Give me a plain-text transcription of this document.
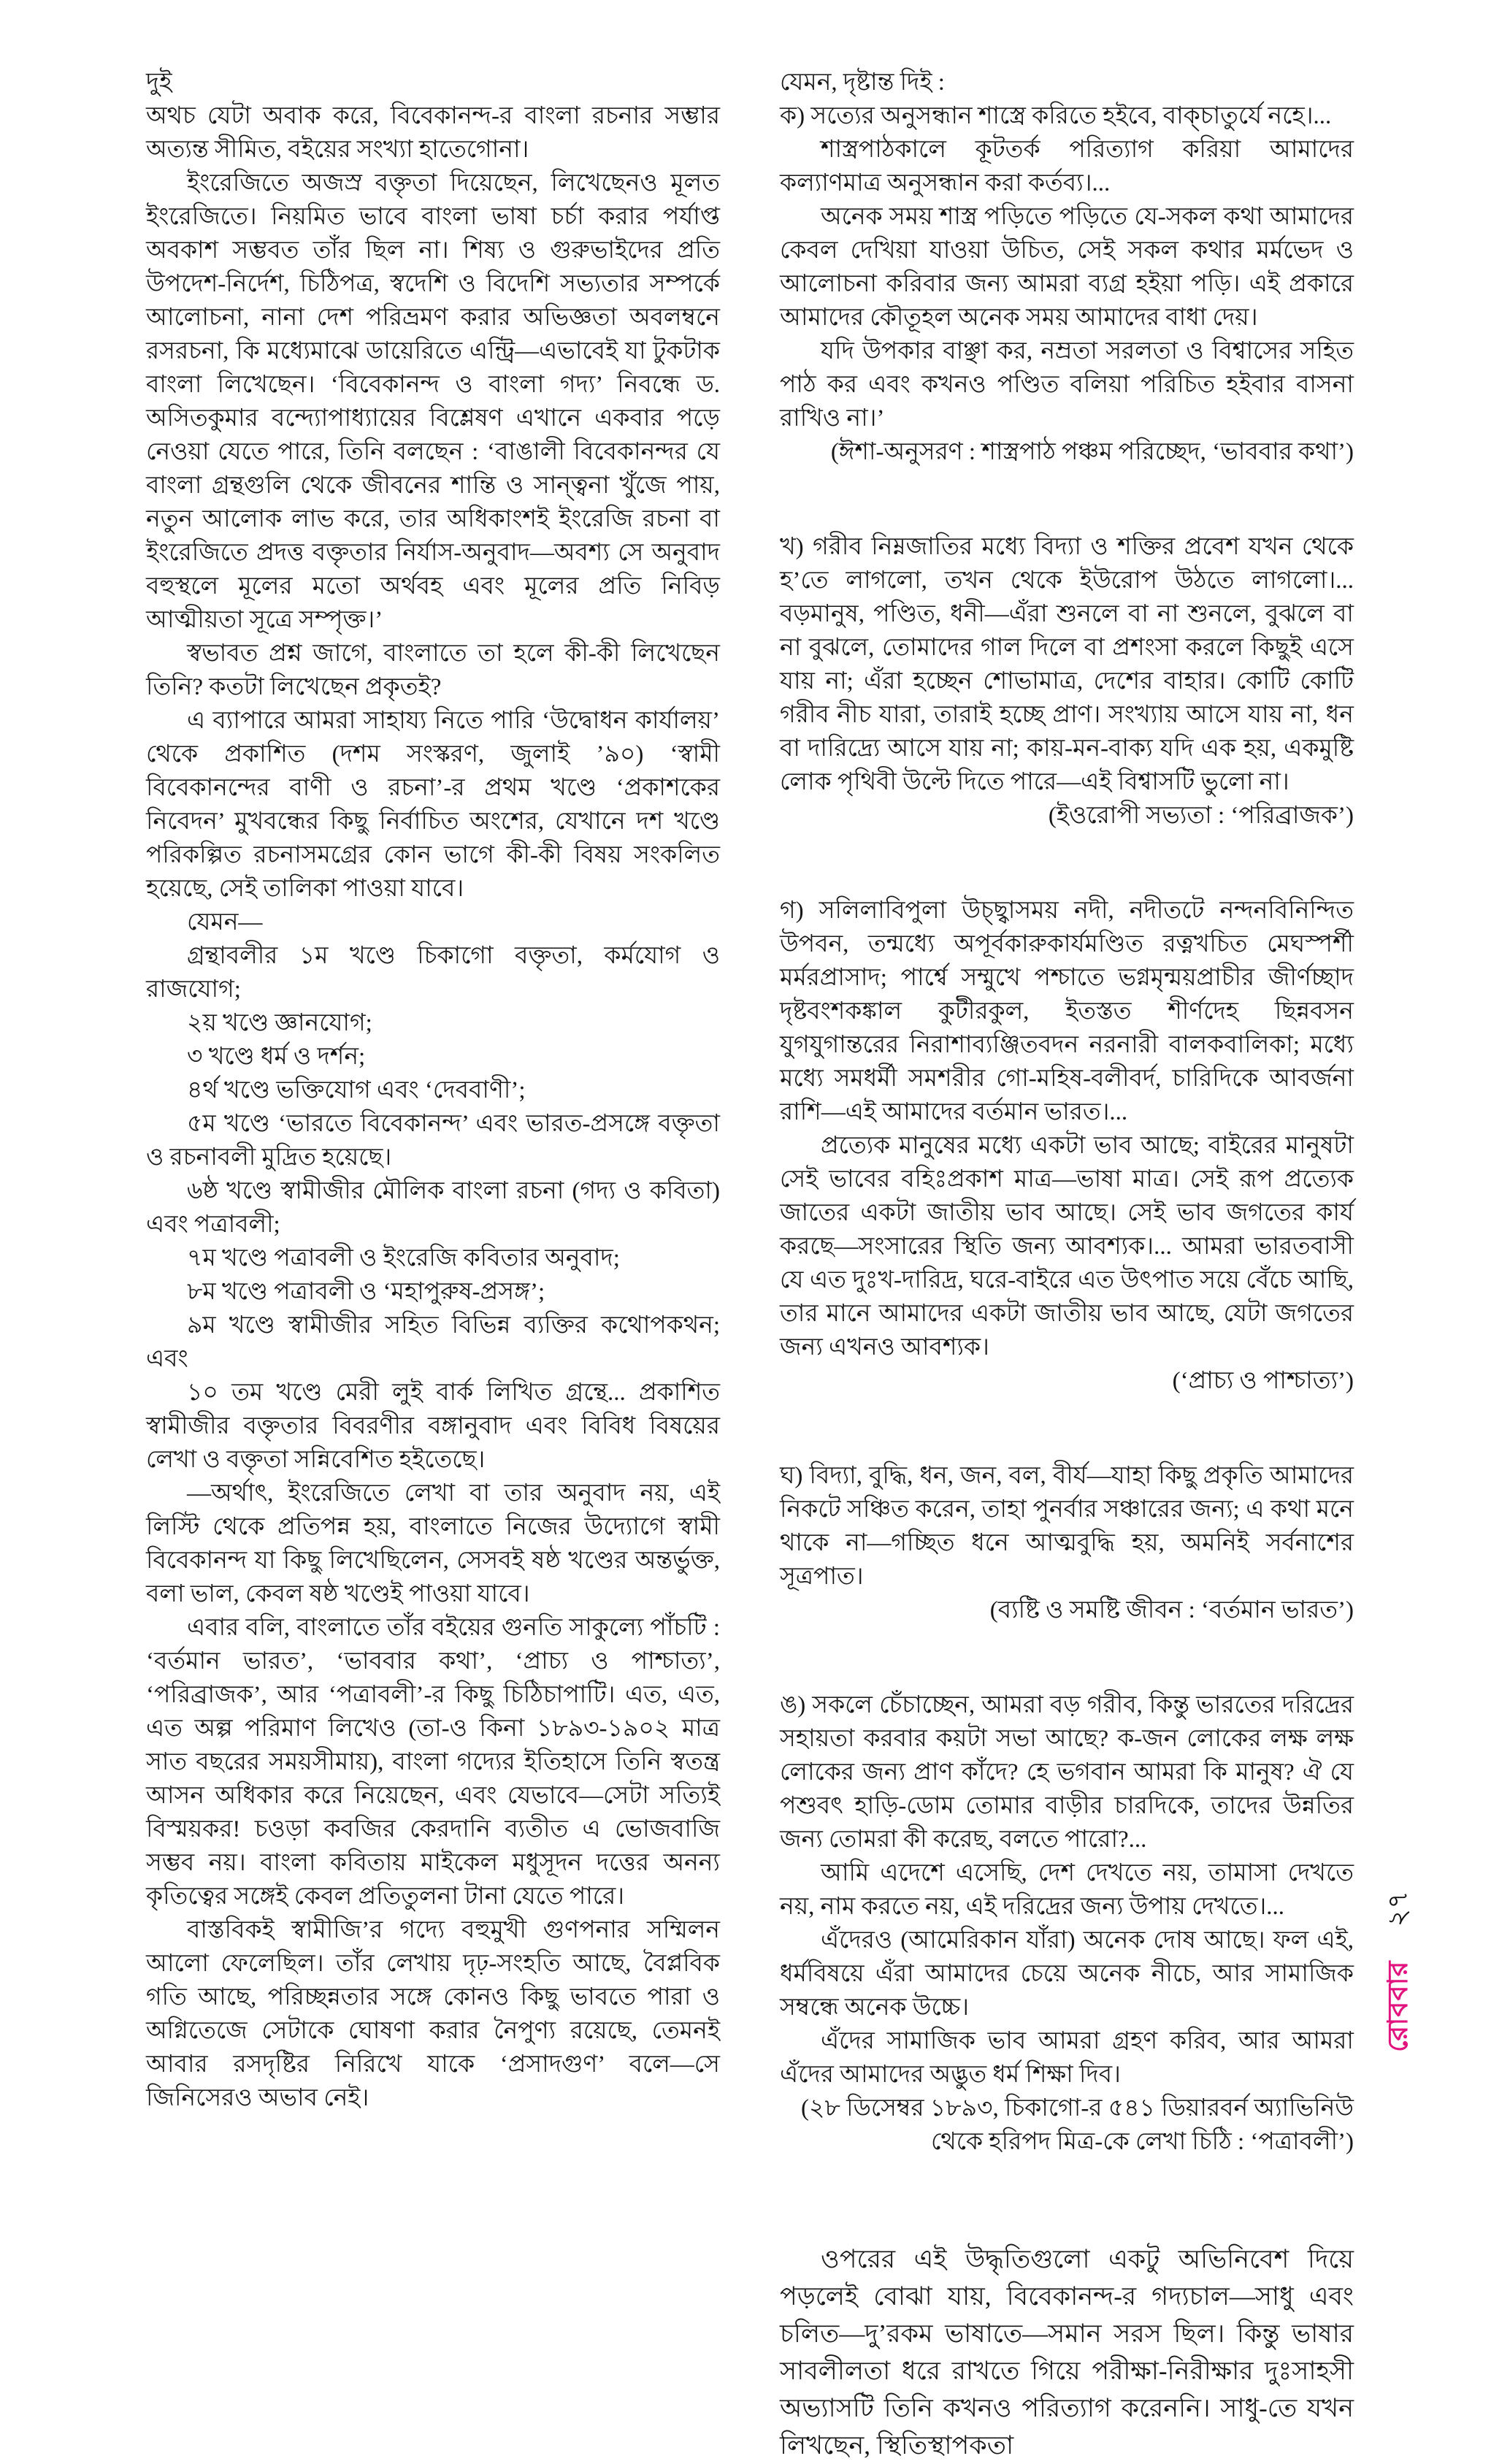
দুই

অথচ যেটা অবাক করে, বিবেকানন্দ-র বাংলা রচনার সম্ভার অত্যন্ত সীমিত, বইয়ের সংখ্যা হাতেগোনা।

ইংরেজিতে অজস্র বক্তৃতা দিয়েছেন, লিখেছেনও মূলত ইংরেজিতে। নিয়মিত ভাবে বাংলা ভাষা চর্চা করার পর্যাপ্ত অবকাশ সম্ভবত তাঁর ছিল না। শিষ্য ও গুরুভাইদের প্রতি উপদেশ-নির্দেশ, চিঠিপত্র, স্বদেশি ও বিদেশি সভ্যতার সম্পর্কে আলোচনা, নানা দেশ পরিভ্রমণ করার অভিজ্ঞতা অবলম্বনে রসরচনা, কি মধ্যেমাঝে ডায়েরিতে এন্ট্রি—এভাবেই যা টুকটাক বাংলা লিখেছেন। ‘বিবেকানন্দ ও বাংলা গদ্য’ নিবন্ধে ড. অসিতকুমার বন্দ্যোপাধ্যায়ের বিশ্লেষণ এখানে একবার পড়ে নেওয়া যেতে পারে, তিনি বলছেন : ‘বাঙালী বিবেকানন্দর যে বাংলা গ্রন্থগুলি থেকে জীবনের শান্তি ও সান্ত্বনা খুঁজে পায়, নতুন আলোক লাভ করে, তার অধিকাংশই ইংরেজি রচনা বা ইংরেজিতে প্রদত্ত বক্তৃতার নির্যাস-অনুবাদ—অবশ্য সে অনুবাদ বহুস্থলে মূলের মতো অর্থবহ এবং মূলের প্রতি নিবিড় আত্মীয়তা সূত্রে সম্পৃক্ত।’

স্বভাবত প্রশ্ন জাগে, বাংলাতে তা হলে কী-কী লিখেছেন তিনি? কতটা লিখেছেন প্রকৃতই?

এ ব্যাপারে আমরা সাহায্য নিতে পারি ‘উদ্বোধন কার্যালয়’ থেকে প্রকাশিত (দশম সংস্করণ, জুলাই ’৯০) ‘স্বামী বিবেকানন্দের বাণী ও রচনা’-র প্রথম খণ্ডে ‘প্রকাশকের নিবেদন’ মুখবন্ধের কিছু নির্বাচিত অংশের, যেখানে দশ খণ্ডে পরিকল্পিত রচনাসমগ্রের কোন ভাগে কী-কী বিষয় সংকলিত হয়েছে, সেই তালিকা পাওয়া যাবে।

যেমন—

গ্রন্থাবলীর ১ম খণ্ডে চিকাগো বক্তৃতা, কর্মযোগ ও রাজযোগ;

২য় খণ্ডে জ্ঞানযোগ;

৩ খণ্ডে ধর্ম ও দর্শন;

৪র্থ খণ্ডে ভক্তিযোগ এবং ‘দেববাণী’;

৫ম খণ্ডে ‘ভারতে বিবেকানন্দ’ এবং ভারত-প্রসঙ্গে বক্তৃতা ও রচনাবলী মুদ্রিত হয়েছে।

৬ষ্ঠ খণ্ডে স্বামীজীর মৌলিক বাংলা রচনা (গদ্য ও কবিতা) এবং পত্রাবলী;

৭ম খণ্ডে পত্রাবলী ও ইংরেজি কবিতার অনুবাদ;

৮ম খণ্ডে পত্রাবলী ও ‘মহাপুরুষ-প্রসঙ্গ’;

৯ম খণ্ডে স্বামীজীর সহিত বিভিন্ন ব্যক্তির কথোপকথন; এবং

১০ তম খণ্ডে মেরী লুই বার্ক লিখিত গ্রন্থে... প্রকাশিত স্বামীজীর বক্তৃতার বিবরণীর বঙ্গানুবাদ এবং বিবিধ বিষয়ের লেখা ও বক্তৃতা সন্নিবেশিত হইতেছে।

—অর্থাৎ, ইংরেজিতে লেখা বা তার অনুবাদ নয়, এই লিস্টি থেকে প্রতিপন্ন হয়, বাংলাতে নিজের উদ্যোগে স্বামী বিবেকানন্দ যা কিছু লিখেছিলেন, সেসবই ষষ্ঠ খণ্ডের অন্তর্ভুক্ত, বলা ভাল, কেবল ষষ্ঠ খণ্ডেই পাওয়া যাবে।

এবার বলি, বাংলাতে তাঁর বইয়ের গুনতি সাকুল্যে পাঁচটি : ‘বর্তমান ভারত’, ‘ভাববার কথা’, ‘প্রাচ্য ও পাশ্চাত্য’, ‘পরিব্রাজক’, আর ‘পত্রাবলী’-র কিছু চিঠিচাপাটি। এত, এত, এত অল্প পরিমাণ লিখেও (তা-ও কিনা ১৮৯৩-১৯০২ মাত্র সাত বছরের সময়সীমায়), বাংলা গদ্যের ইতিহাসে তিনি স্বতন্ত্র আসন অধিকার করে নিয়েছেন, এবং যেভাবে—সেটা সত্যিই বিস্ময়কর! চওড়া কবজির কেরদানি ব্যতীত এ ভোজবাজি সম্ভব নয়। বাংলা কবিতায় মাইকেল মধুসূদন দত্তের অনন্য কৃতিত্বের সঙ্গেই কেবল প্রতিতুলনা টানা যেতে পারে।

বাস্তবিকই স্বামীজি’র গদ্যে বহুমুখী গুণপনার সম্মিলন আলো ফেলেছিল। তাঁর লেখায় দৃঢ়-সংহতি আছে, বৈপ্লবিক গতি আছে, পরিচ্ছন্নতার সঙ্গে কোনও কিছু ভাবতে পারা ও অগ্নিতেজে সেটাকে ঘোষণা করার নৈপুণ্য রয়েছে, তেমনই আবার রসদৃষ্টির নিরিখে যাকে ‘প্রসাদগুণ’ বলে—সে জিনিসেরও অভাব নেই।

যেমন, দৃষ্টান্ত দিই :

ক) সত্যের অনুসন্ধান শাস্ত্রে করিতে হইবে, বাক্‌চাতুর্যে নহে।...

শাস্ত্রপাঠকালে কূটতর্ক পরিত্যাগ করিয়া আমাদের কল্যাণমাত্র অনুসন্ধান করা কর্তব্য।...

অনেক সময় শাস্ত্র পড়িতে পড়িতে যে-সকল কথা আমাদের কেবল দেখিয়া যাওয়া উচিত, সেই সকল কথার মর্মভেদ ও আলোচনা করিবার জন্য আমরা ব্যগ্র হইয়া পড়ি। এই প্রকারে আমাদের কৌতূহল অনেক সময় আমাদের বাধা দেয়।

যদি উপকার বাঞ্ছা কর, নম্রতা সরলতা ও বিশ্বাসের সহিত পাঠ কর এবং কখনও পণ্ডিত বলিয়া পরিচিত হইবার বাসনা রাখিও না।’

(ঈশা-অনুসরণ : শাস্ত্রপাঠ পঞ্চম পরিচ্ছেদ, ‘ভাববার কথা’)

খ) গরীব নিম্নজাতির মধ্যে বিদ্যা ও শক্তির প্রবেশ যখন থেকে হ’তে লাগলো, তখন থেকে ইউরোপ উঠতে লাগলো।... বড়মানুষ, পণ্ডিত, ধনী—এঁরা শুনলে বা না শুনলে, বুঝলে বা না বুঝলে, তোমাদের গাল দিলে বা প্রশংসা করলে কিছুই এসে যায় না; এঁরা হচ্ছেন শোভামাত্র, দেশের বাহার। কোটি কোটি গরীব নীচ যারা, তারাই হচ্ছে প্রাণ। সংখ্যায় আসে যায় না, ধন বা দারিদ্র্যে আসে যায় না; কায়-মন-বাক্য যদি এক হয়, একমুষ্টি লোক পৃথিবী উল্টে দিতে পারে—এই বিশ্বাসটি ভুলো না।

(ইওরোপী সভ্যতা : ‘পরিব্রাজক’)

গ) সলিলাবিপুলা উচ্ছ্বাসময় নদী, নদীতটে নন্দনবিনিন্দিত উপবন, তন্মধ্যে অপূর্বকারুকার্যমণ্ডিত রত্নখচিত মেঘস্পর্শী মর্মরপ্রাসাদ; পার্শ্বে সম্মুখে পশ্চাতে ভগ্নমৃন্ময়প্রাচীর জীর্ণচ্ছাদ দৃষ্টবংশকঙ্কাল কুটীরকুল, ইতস্তত শীর্ণদেহ ছিন্নবসন যুগযুগান্তরের নিরাশাব্যঞ্জিতবদন নরনারী বালকবালিকা; মধ্যে মধ্যে সমধর্মী সমশরীর গো-মহিষ-বলীবর্দ, চারিদিকে আবর্জনা রাশি—এই আমাদের বর্তমান ভারত।...

প্রত্যেক মানুষের মধ্যে একটা ভাব আছে; বাইরের মানুষটা সেই ভাবের বহিঃপ্রকাশ মাত্র—ভাষা মাত্র। সেই রূপ প্রত্যেক জাতের একটা জাতীয় ভাব আছে। সেই ভাব জগতের কার্য করছে—সংসারের স্থিতি জন্য আবশ্যক।... আমরা ভারতবাসী যে এত দুঃখ-দারিদ্র, ঘরে-বাইরে এত উৎপাত সয়ে বেঁচে আছি, তার মানে আমাদের একটা জাতীয় ভাব আছে, যেটা জগতের জন্য এখনও আবশ্যক।

(‘প্রাচ্য ও পাশ্চাত্য’)

ঘ) বিদ্যা, বুদ্ধি, ধন, জন, বল, বীর্য—যাহা কিছু প্রকৃতি আমাদের নিকটে সঞ্চিত করেন, তাহা পুনর্বার সঞ্চারের জন্য; এ কথা মনে থাকে না—গচ্ছিত ধনে আত্মবুদ্ধি হয়, অমনিই সর্বনাশের সূত্রপাত।

(ব্যষ্টি ও সমষ্টি জীবন : ‘বর্তমান ভারত’)

ঙ) সকলে চেঁচাচ্ছেন, আমরা বড় গরীব, কিন্তু ভারতের দরিদ্রের সহায়তা করবার কয়টা সভা আছে? ক-জন লোকের লক্ষ লক্ষ লোকের জন্য প্রাণ কাঁদে? হে ভগবান আমরা কি মানুষ? ঐ যে পশুবৎ হাড়ি-ডোম তোমার বাড়ীর চারদিকে, তাদের উন্নতির জন্য তোমরা কী করেছ, বলতে পারো?...

আমি এদেশে এসেছি, দেশ দেখতে নয়, তামাসা দেখতে নয়, নাম করতে নয়, এই দরিদ্রের জন্য উপায় দেখতে।...

এঁদেরও (আমেরিকান যাঁরা) অনেক দোষ আছে। ফল এই, ধর্মবিষয়ে এঁরা আমাদের চেয়ে অনেক নীচে, আর সামাজিক সম্বন্ধে অনেক উচ্চে।

এঁদের সামাজিক ভাব আমরা গ্রহণ করিব, আর আমরা এঁদের আমাদের অদ্ভুত ধর্ম শিক্ষা দিব।

(২৮ ডিসেম্বর ১৮৯৩, চিকাগো-র ৫৪১ ডিয়ারবর্ন অ্যাভিনিউ থেকে হরিপদ মিত্র-কে লেখা চিঠি : ‘পত্রাবলী’)

ওপরের এই উদ্ধৃতিগুলো একটু অভিনিবেশ দিয়ে পড়লেই বোঝা যায়, বিবেকানন্দ-র গদ্যচাল—সাধু এবং চলিত—দু’রকম ভাষাতে—সমান সরস ছিল। কিন্তু ভাষার সাবলীলতা ধরে রাখতে গিয়ে পরীক্ষা-নিরীক্ষার দুঃসাহসী অভ্যাসটি তিনি কখনও পরিত্যাগ করেননি। সাধু-তে যখন লিখছেন, স্থিতিস্থাপকতা

রোববার২৭
